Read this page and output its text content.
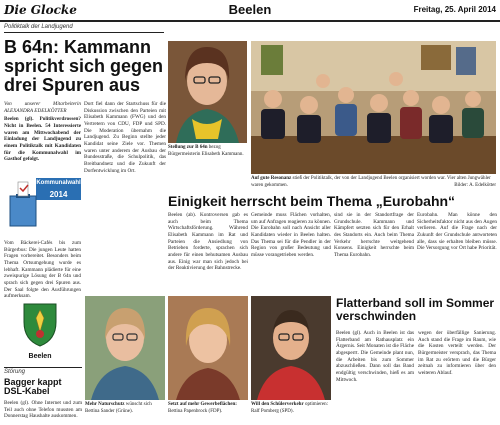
Die Glocke	Beelen	Freitag, 25. April 2014
Politiktalk der Landjugend
B 64n: Kammann spricht sich gegen drei Spuren aus
Von unserer Mitarbeiterin ALEXANDRA EDELKÖTTER
Beelen (gl). Politikverdrossen? Nicht in Beelen. 54 Interessierte waren am Mittwochabend der Einladung der Landjugend zu einem Politiktalk mit Kandidaten für die Kommunalwahl im Gasthof gefolgt.
Dort fiel dann der Startschuss für die Diskussion zwischen den Parteien mit Elisabeth Kammann (FWG) und den Vertretern von CDU, FDP und SPD. Die Moderation übernahm die Landjugend. Zu Beginn stellte jeder Kandidat seine Ziele vor. Themen waren unter anderem der Ausbau der Bundesstraße, die Schulpolitik, das Breitbandnetz und die Zukunft der Dorfentwicklung im Ort.
Kommunalwahl
2014
Vom Bäckerei-Cafés bis zum Bürgerbus: Die jungen Leute hatten Fragen vorbereitet. Besonders beim Thema Ortsumgehung wurde es lebhaft. Kammann plädierte für eine zweispurige Lösung der B 64n und sprach sich gegen drei Spuren aus. Der Saal folgte den Ausführungen aufmerksam.
Beelen
Störung
Bagger kappt DSL-Kabel
Beelen (gl). Ohne Internet und zum Teil auch ohne Telefon mussten am Donnerstag Haushalte auskommen.
Stellung zur B 64n bezog Bürgermeisterin Elisabeth Kammann.
Auf gute Resonanz stieß der Politiktalk, der von der Landjugend Beelen organisiert worden war. Vier alten Jungwähler waren gekommen.	Bilder: A. Edelkötter
Einigkeit herrscht beim Thema „Eurobahn“
Beelen (ab). Kontroversen gab es auch beim Thema Wirtschaftsförderung. Während Elisabeth Kammann im Rat und Parteien die Ansiedlung von Betrieben forderte, sprachen sich andere für einen behutsamen Ausbau aus. Einig war man sich jedoch bei der Reaktivierung der Bahnstrecke.
Gemeinde muss Flächen vorhalten, um auf Anfragen reagieren zu können. Die Eurobahn soll nach Ansicht aller Kandidaten wieder in Beelen halten. Das Thema sei für die Pendler in der Region von großer Bedeutung und müsse vorangetrieben werden.
sind sie in der Standortfrage der Grundschule. Kammann und Kämpfert setzten sich für den Erhalt des Standorts ein. Auch beim Thema Verkehr herrschte weitgehend Konsens. Einigkeit herrschte beim Thema Eurobahn.
Eurobahn. Man könne den Sicherheitsfaktor nicht aus den Augen verlieren. Auf die Frage nach der Zukunft der Grundschule antworteten alle, dass sie erhalten bleiben müsse. Die Versorgung vor Ort habe Priorität.
Mehr Naturschutz wünscht sich Bettina Sander (Grüne).
Setzt auf mehr Gewerbeflächen: Bettina Papenbrock (FDP).
Will den Schülerverkehr optimieren: Ralf Pomberg (SPD).
Flatterband soll im Sommer verschwinden
Beelen (gl). Auch in Beelen ist das Flatterband am Rathausplatz ein Ärgernis. Seit Monaten ist die Fläche abgesperrt. Die Gemeinde plant nun, die Arbeiten bis zum Sommer abzuschließen. Dann soll das Band endgültig verschwinden, hieß es am Mittwoch.
wegen der überfällige Sanierung. Auch stand die Frage im Raum, wie die Kosten verteilt werden. Der Bürgermeister versprach, das Thema im Rat zu erörtern und die Bürger zeitnah zu informieren über den weiteren Ablauf.
